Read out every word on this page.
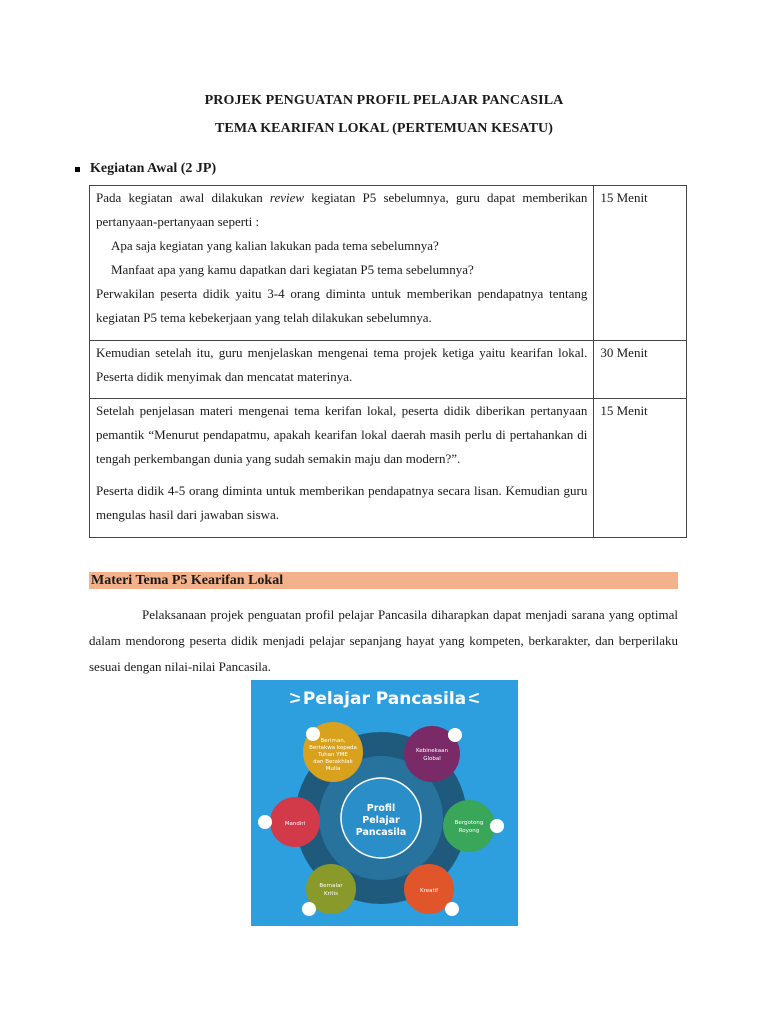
PROJEK PENGUATAN PROFIL PELAJAR PANCASILA
TEMA KEARIFAN LOKAL (PERTEMUAN KESATU)
Kegiatan Awal (2 JP)
Pada kegiatan awal dilakukan review kegiatan P5 sebelumnya, guru dapat memberikan pertanyaan-pertanyaan seperti :
Apa saja kegiatan yang kalian lakukan pada tema sebelumnya?
Manfaat apa yang kamu dapatkan dari kegiatan P5 tema sebelumnya?
Perwakilan peserta didik yaitu 3-4 orang diminta untuk memberikan pendapatnya tentang kegiatan P5 tema kebekerjaan yang telah dilakukan sebelumnya.	15 Menit

Kemudian setelah itu, guru menjelaskan mengenai tema projek ketiga yaitu kearifan lokal. Peserta didik menyimak dan mencatat materinya.	30 Menit

Setelah penjelasan materi mengenai tema kerifan lokal, peserta didik diberikan pertanyaan pemantik “Menurut pendapatmu, apakah kearifan lokal daerah masih perlu di pertahankan di tengah perkembangan dunia yang sudah semakin maju dan modern?”.
Peserta didik 4-5 orang diminta untuk memberikan pendapatnya secara lisan. Kemudian guru mengulas hasil dari jawaban siswa.	15 Menit
Materi Tema P5 Kearifan Lokal
Pelaksanaan projek penguatan profil pelajar Pancasila diharapkan dapat menjadi sarana yang optimal dalam mendorong peserta didik menjadi pelajar sepanjang hayat yang kompeten, berkarakter, dan berperilaku sesuai dengan nilai-nilai Pancasila.
Pelajar Pancasila
Profil
Pelajar
Pancasila
Beriman,
Bertakwa kepada
Tuhan YME
dan Berakhlak
Mulia
Kebinekaan
Global
Bergotong
Royong
Kreatif
Bernalar
Kritis
Mandiri
